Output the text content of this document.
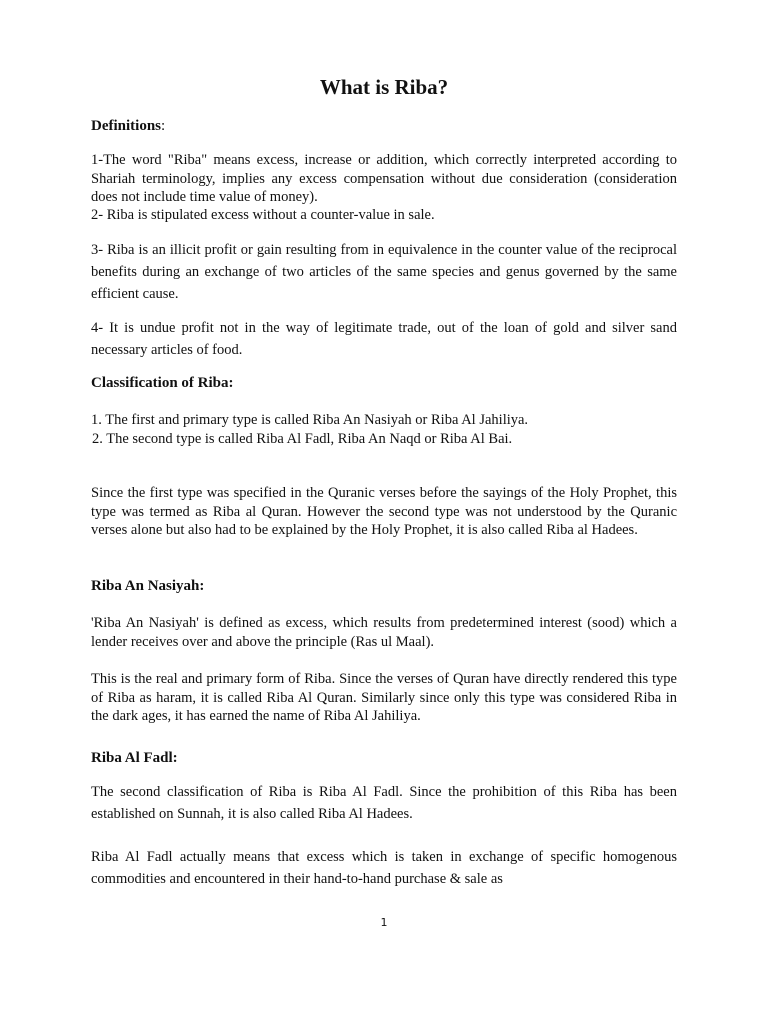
What is Riba?
Definitions:
1-The word "Riba" means excess, increase or addition, which correctly interpreted according to Shariah terminology, implies any excess compensation without due consideration (consideration does not include time value of money).
2- Riba is stipulated excess without a counter-value in sale.
3- Riba is an illicit profit or gain resulting from in equivalence in the counter value of the reciprocal benefits during an exchange of two articles of the same species and genus governed by the same efficient cause.
4- It is undue profit not in the way of legitimate trade, out of the loan of gold and silver sand necessary articles of food.
Classification of Riba:
1. The first and primary type is called Riba An Nasiyah or Riba Al Jahiliya.
2. The second type is called Riba Al Fadl, Riba An Naqd or Riba Al Bai.
Since the first type was specified in the Quranic verses before the sayings of the Holy Prophet, this type was termed as Riba al Quran. However the second type was not understood by the Quranic verses alone but also had to be explained by the Holy Prophet, it is also called Riba al Hadees.
Riba An Nasiyah:
'Riba An Nasiyah' is defined as excess, which results from predetermined interest (sood) which a lender receives over and above the principle (Ras ul Maal).
This is the real and primary form of Riba. Since the verses of Quran have directly rendered this type of Riba as haram, it is called Riba Al Quran. Similarly since only this type was considered Riba in the dark ages, it has earned the name of Riba Al Jahiliya.
Riba Al Fadl:
The second classification of Riba is Riba Al Fadl. Since the prohibition of this Riba has been established on Sunnah, it is also called Riba Al Hadees.
Riba Al Fadl actually means that excess which is taken in exchange of specific homogenous commodities and encountered in their hand-to-hand purchase & sale as
1
